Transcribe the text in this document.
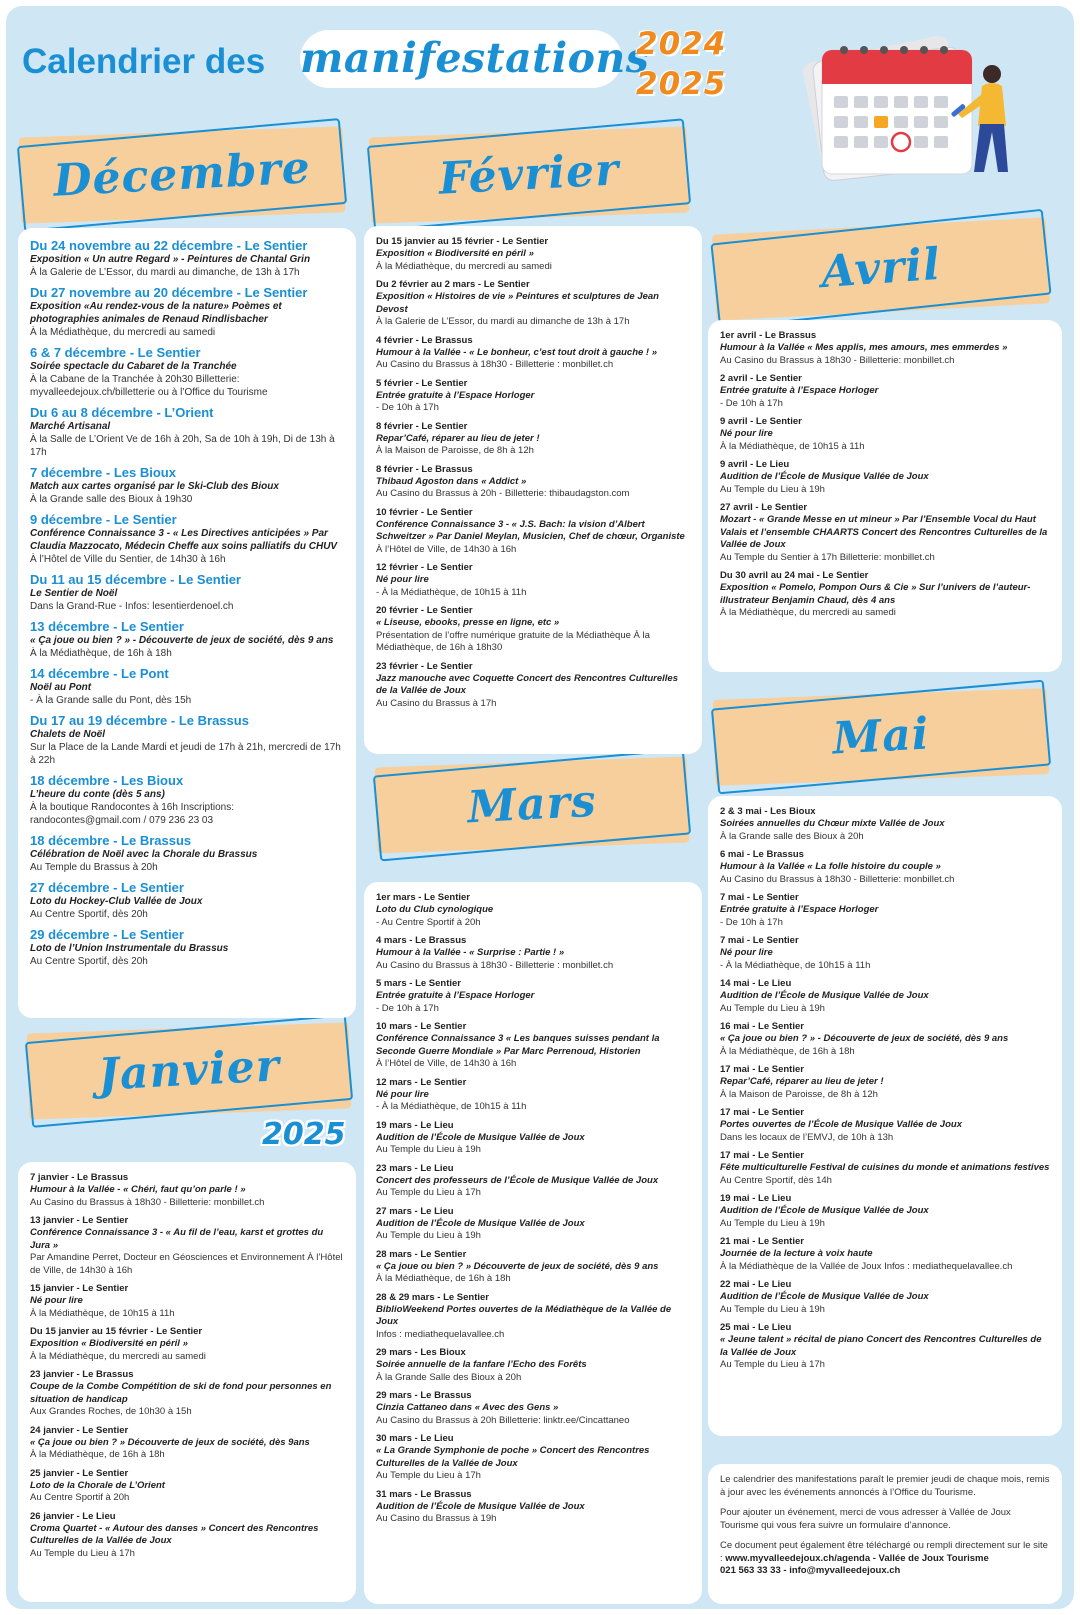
Calendrier des manifestations
2024
2025
Décembre	Février
Avril
Mars
Mai
Janvier
2025
Du 24 novembre au 22 décembre - Le Sentier
Exposition « Un autre Regard » - Peintures de Chantal Grin
À la Galerie de L’Essor, du mardi au dimanche, de 13h à 17h
Du 27 novembre au 20 décembre - Le Sentier
Exposition «Au rendez-vous de la nature» Poèmes et photographies animales de Renaud Rindlisbacher
À la Médiathèque, du mercredi au samedi
6 & 7 décembre - Le Sentier
Soirée spectacle du Cabaret de la Tranchée
À la Cabane de la Tranchée à 20h30 Billetterie: myvalleedejoux.ch/billetterie ou à l’Office du Tourisme
Du 6 au 8 décembre - L’Orient
Marché Artisanal
À la Salle de L’Orient Ve de 16h à 20h, Sa de 10h à 19h, Di de 13h à 17h
7 décembre - Les Bioux
Match aux cartes organisé par le Ski-Club des Bioux
À la Grande salle des Bioux à 19h30
9 décembre - Le Sentier
Conférence Connaissance 3 - « Les Directives anticipées » Par Claudia Mazzocato, Médecin Cheffe aux soins palliatifs du CHUV
À l’Hôtel de Ville du Sentier, de 14h30 à 16h
Du 11 au 15 décembre - Le Sentier
Le Sentier de Noël
Dans la Grand-Rue - Infos: lesentierdenoel.ch
13 décembre - Le Sentier
« Ça joue ou bien ? » - Découverte de jeux de société, dès 9 ans
À la Médiathèque, de 16h à 18h
14 décembre - Le Pont
Noël au Pont
- À la Grande salle du Pont, dès 15h
Du 17 au 19 décembre - Le Brassus
Chalets de Noël
Sur la Place de la Lande Mardi et jeudi de 17h à 21h, mercredi de 17h à 22h
18 décembre - Les Bioux
L’heure du conte (dès 5 ans)
À la boutique Randocontes à 16h Inscriptions: randocontes@gmail.com / 079 236 23 03
18 décembre - Le Brassus
Célébration de Noël avec la Chorale du Brassus
Au Temple du Brassus à 20h
27 décembre - Le Sentier
Loto du Hockey-Club Vallée de Joux
Au Centre Sportif, dès 20h
29 décembre - Le Sentier
Loto de l’Union Instrumentale du Brassus
Au Centre Sportif, dès 20h
Du 15 janvier au 15 février - Le Sentier
Exposition « Biodiversité en péril »
À la Médiathèque, du mercredi au samedi
Du 2 février au 2 mars - Le Sentier
Exposition « Histoires de vie » Peintures et sculptures de Jean Devost
À la Galerie de L’Essor, du mardi au dimanche de 13h à 17h
4 février - Le Brassus
Humour à la Vallée - « Le bonheur, c’est tout droit à gauche ! »
Au Casino du Brassus à 18h30 - Billetterie : monbillet.ch
5 février - Le Sentier
Entrée gratuite à l’Espace Horloger
- De 10h à 17h
8 février - Le Sentier
Repar’Café, réparer au lieu de jeter !
À la Maison de Paroisse, de 8h à 12h
8 février - Le Brassus
Thibaud Agoston dans « Addict »
Au Casino du Brassus à 20h - Billetterie: thibaudagston.com
10 février - Le Sentier
Conférence Connaissance 3 - « J.S. Bach: la vision d’Albert Schweitzer » Par Daniel Meylan, Musicien, Chef de chœur, Organiste
À l’Hôtel de Ville, de 14h30 à 16h
12 février - Le Sentier
Né pour lire
- À la Médiathèque, de 10h15 à 11h
20 février - Le Sentier
« Liseuse, ebooks, presse en ligne, etc »
Présentation de l’offre numérique gratuite de la Médiathèque À la Médiathèque, de 16h à 18h30
23 février - Le Sentier
Jazz manouche avec Coquette Concert des Rencontres Culturelles de la Vallée de Joux
Au Casino du Brassus à 17h
1er avril - Le Brassus
Humour à la Vallée « Mes applis, mes amours, mes emmerdes »
Au Casino du Brassus à 18h30 - Billetterie: monbillet.ch
2 avril - Le Sentier
Entrée gratuite à l’Espace Horloger
- De 10h à 17h
9 avril - Le Sentier
Né pour lire
À la Médiathèque, de 10h15 à 11h
9 avril - Le Lieu
Audition de l’École de Musique Vallée de Joux
Au Temple du Lieu à 19h
27 avril - Le Sentier
Mozart - « Grande Messe en ut mineur » Par l’Ensemble Vocal du Haut Valais et l’ensemble CHAARTS Concert des Rencontres Culturelles de la Vallée de Joux
Au Temple du Sentier à 17h Billetterie: monbillet.ch
Du 30 avril au 24 mai - Le Sentier
Exposition « Pomelo, Pompon Ours & Cie » Sur l’univers de l’auteur-illustrateur Benjamin Chaud, dès 4 ans
À la Médiathèque, du mercredi au samedi
1er mars - Le Sentier
Loto du Club cynologique
- Au Centre Sportif à 20h
4 mars - Le Brassus
Humour à la Vallée - « Surprise : Partie ! »
Au Casino du Brassus à 18h30 - Billetterie : monbillet.ch
5 mars - Le Sentier
Entrée gratuite à l’Espace Horloger
- De 10h à 17h
10 mars - Le Sentier
Conférence Connaissance 3 « Les banques suisses pendant la Seconde Guerre Mondiale » Par Marc Perrenoud, Historien
À l’Hôtel de Ville, de 14h30 à 16h
12 mars - Le Sentier
Né pour lire
- À la Médiathèque, de 10h15 à 11h
19 mars - Le Lieu
Audition de l’École de Musique Vallée de Joux
Au Temple du Lieu à 19h
23 mars - Le Lieu
Concert des professeurs de l’École de Musique Vallée de Joux
Au Temple du Lieu à 17h
27 mars - Le Lieu
Audition de l’École de Musique Vallée de Joux
Au Temple du Lieu à 19h
28 mars - Le Sentier
« Ça joue ou bien ? » Découverte de jeux de société, dès 9 ans
À la Médiathèque, de 16h à 18h
28 & 29 mars - Le Sentier
BiblioWeekend Portes ouvertes de la Médiathèque de la Vallée de Joux
Infos : mediathequelavallee.ch
29 mars - Les Bioux
Soirée annuelle de la fanfare l’Echo des Forêts
À la Grande Salle des Bioux à 20h
29 mars - Le Brassus
Cinzia Cattaneo dans « Avec des Gens »
Au Casino du Brassus à 20h Billetterie: linktr.ee/Cincattaneo
30 mars - Le Lieu
« La Grande Symphonie de poche » Concert des Rencontres Culturelles de la Vallée de Joux
Au Temple du Lieu à 17h
31 mars - Le Brassus
Audition de l’École de Musique Vallée de Joux
Au Casino du Brassus à 19h
2 & 3 mai - Les Bioux
Soirées annuelles du Chœur mixte Vallée de Joux
À la Grande salle des Bioux à 20h
6 mai - Le Brassus
Humour à la Vallée « La folle histoire du couple »
Au Casino du Brassus à 18h30 - Billetterie: monbillet.ch
7 mai - Le Sentier
Entrée gratuite à l’Espace Horloger
- De 10h à 17h
7 mai - Le Sentier
Né pour lire
- À la Médiathèque, de 10h15 à 11h
14 mai - Le Lieu
Audition de l’École de Musique Vallée de Joux
Au Temple du Lieu à 19h
16 mai - Le Sentier
« Ça joue ou bien ? » - Découverte de jeux de société, dès 9 ans
À la Médiathèque, de 16h à 18h
17 mai - Le Sentier
Repar’Café, réparer au lieu de jeter !
À la Maison de Paroisse, de 8h à 12h
17 mai - Le Sentier
Portes ouvertes de l’École de Musique Vallée de Joux
Dans les locaux de l’EMVJ, de 10h à 13h
17 mai - Le Sentier
Fête multiculturelle Festival de cuisines du monde et animations festives
Au Centre Sportif, dès 14h
19 mai - Le Lieu
Audition de l’École de Musique Vallée de Joux
Au Temple du Lieu à 19h
21 mai - Le Sentier
Journée de la lecture à voix haute
À la Médiathèque de la Vallée de Joux Infos : mediathequelavallee.ch
22 mai - Le Lieu
Audition de l’École de Musique Vallée de Joux
Au Temple du Lieu à 19h
25 mai - Le Lieu
« Jeune talent » récital de piano Concert des Rencontres Culturelles de la Vallée de Joux
Au Temple du Lieu à 17h
7 janvier - Le Brassus
Humour à la Vallée - « Chéri, faut qu’on parle ! »
Au Casino du Brassus à 18h30 - Billetterie: monbillet.ch
13 janvier - Le Sentier
Conférence Connaissance 3 - « Au fil de l’eau, karst et grottes du Jura »
Par Amandine Perret, Docteur en Géosciences et Environnement À l’Hôtel de Ville, de 14h30 à 16h
15 janvier - Le Sentier
Né pour lire
À la Médiathèque, de 10h15 à 11h
Du 15 janvier au 15 février - Le Sentier
Exposition « Biodiversité en péril »
À la Médiathèque, du mercredi au samedi
23 janvier - Le Brassus
Coupe de la Combe Compétition de ski de fond pour personnes en situation de handicap
Aux Grandes Roches, de 10h30 à 15h
24 janvier - Le Sentier
« Ça joue ou bien ? » Découverte de jeux de société, dès 9ans
À la Médiathèque, de 16h à 18h
25 janvier - Le Sentier
Loto de la Chorale de L’Orient
Au Centre Sportif à 20h
26 janvier - Le Lieu
Croma Quartet - « Autour des danses » Concert des Rencontres Culturelles de la Vallée de Joux
Au Temple du Lieu à 17h

Le calendrier des manifestations paraît le premier jeudi de chaque mois, remis à jour avec les événements annoncés à l’Office du Tourisme.

Pour ajouter un événement, merci de vous adresser à Vallée de Joux Tourisme qui vous fera suivre un formulaire d’annonce.

Ce document peut également être téléchargé ou rempli directement sur le site : www.myvalleedejoux.ch/agenda - Vallée de Joux Tourisme
021 563 33 33 - info@myvalleedejoux.ch
